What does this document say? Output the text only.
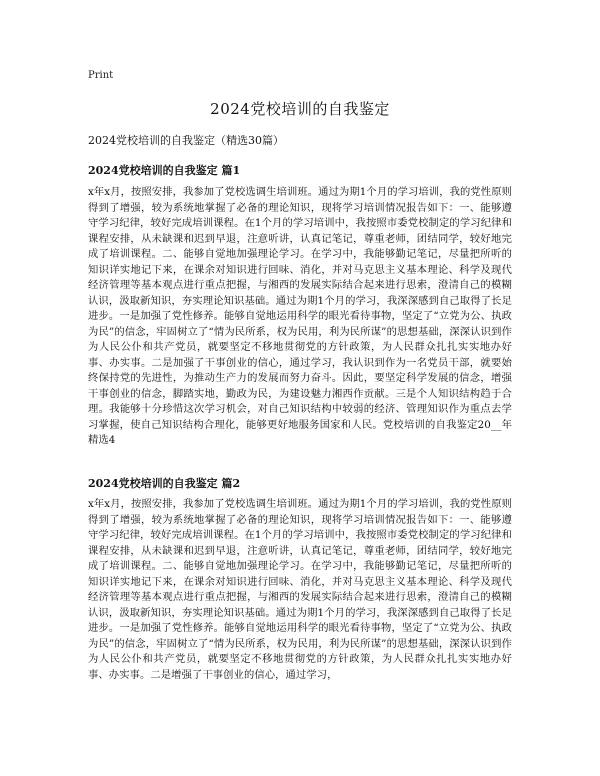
Print
2024党校培训的自我鉴定
2024党校培训的自我鉴定（精选30篇）
2024党校培训的自我鉴定 篇1
x年x月，按照安排，我参加了党校选调生培训班。通过为期1个月的学习培训，我的党性原则得到了增强，较为系统地掌握了必备的理论知识，现将学习培训情况报告如下：一、能够遵守学习纪律，较好完成培训课程。在1个月的学习培训中，我按照市委党校制定的学习纪律和课程安排，从未缺课和迟到早退，注意听讲，认真记笔记，尊重老师，团结同学，较好地完成了培训课程。二、能够自觉地加强理论学习。在学习中，我能够勤记笔记，尽量把所听的知识详实地记下来，在课余对知识进行回味、消化，并对马克思主义基本理论、科学及现代经济管理等基本观点进行重点把握，与湘西的发展实际结合起来进行思索，澄清自己的模糊认识，汲取新知识，夯实理论知识基础。通过为期1个月的学习，我深深感到自己取得了长足进步。一是加强了党性修养。能够自觉地运用科学的眼光看待事物，坚定了“立党为公、执政为民”的信念，牢固树立了“情为民所系，权为民用，利为民所谋”的思想基础，深深认识到作为人民公仆和共产党员，就要坚定不移地贯彻党的方针政策，为人民群众扎扎实实地办好事、办实事。二是加强了干事创业的信心，通过学习，我认识到作为一名党员干部，就要始终保持党的先进性，为推动生产力的发展而努力奋斗。因此，要坚定科学发展的信念，增强干事创业的信念，脚踏实地，勤政为民，为建设魅力湘西作贡献。三是个人知识结构趋于合理。我能够十分珍惜这次学习机会，对自己知识结构中较弱的经济、管理知识作为重点去学习掌握，使自己知识结构合理化，能够更好地服务国家和人民。党校培训的自我鉴定20__年精选4
2024党校培训的自我鉴定 篇2
x年x月，按照安排，我参加了党校选调生培训班。通过为期1个月的学习培训，我的党性原则得到了增强，较为系统地掌握了必备的理论知识，现将学习培训情况报告如下：一、能够遵守学习纪律，较好完成培训课程。在1个月的学习培训中，我按照市委党校制定的学习纪律和课程安排，从未缺课和迟到早退，注意听讲，认真记笔记，尊重老师，团结同学，较好地完成了培训课程。二、能够自觉地加强理论学习。在学习中，我能够勤记笔记，尽量把所听的知识详实地记下来，在课余对知识进行回味、消化，并对马克思主义基本理论、科学及现代经济管理等基本观点进行重点把握，与湘西的发展实际结合起来进行思索，澄清自己的模糊认识，汲取新知识，夯实理论知识基础。通过为期1个月的学习，我深深感到自己取得了长足进步。一是加强了党性修养。能够自觉地运用科学的眼光看待事物，坚定了“立党为公、执政为民”的信念，牢固树立了“情为民所系，权为民用，利为民所谋”的思想基础，深深认识到作为人民公仆和共产党员，就要坚定不移地贯彻党的方针政策，为人民群众扎扎实实地办好事、办实事。二是增强了干事创业的信心，通过学习，
